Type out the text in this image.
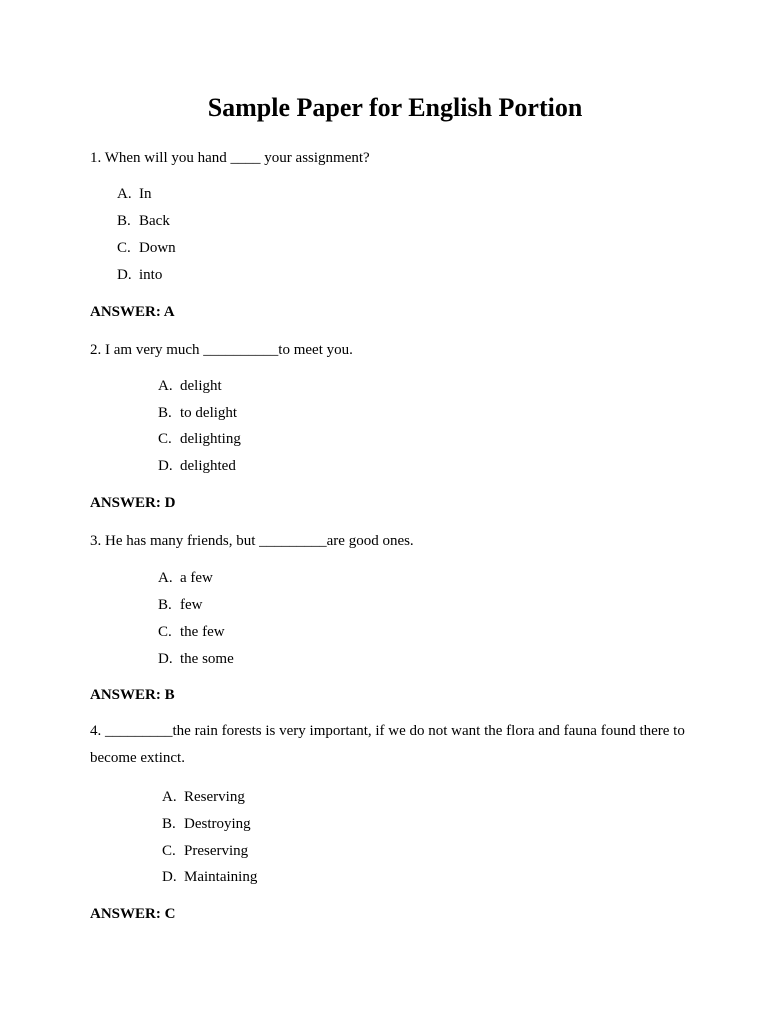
Sample Paper for English Portion
1. When will you hand ____ your assignment?
A. In
B. Back
C. Down
D. into
ANSWER: A
2. I am very much __________to meet you.
A. delight
B. to delight
C. delighting
D. delighted
ANSWER: D
3. He has many friends, but _________are good ones.
A. a few
B. few
C. the few
D. the some
ANSWER: B
4. _________the rain forests is very important, if we do not want the flora and fauna found there to become extinct.
A. Reserving
B. Destroying
C. Preserving
D. Maintaining
ANSWER: C
